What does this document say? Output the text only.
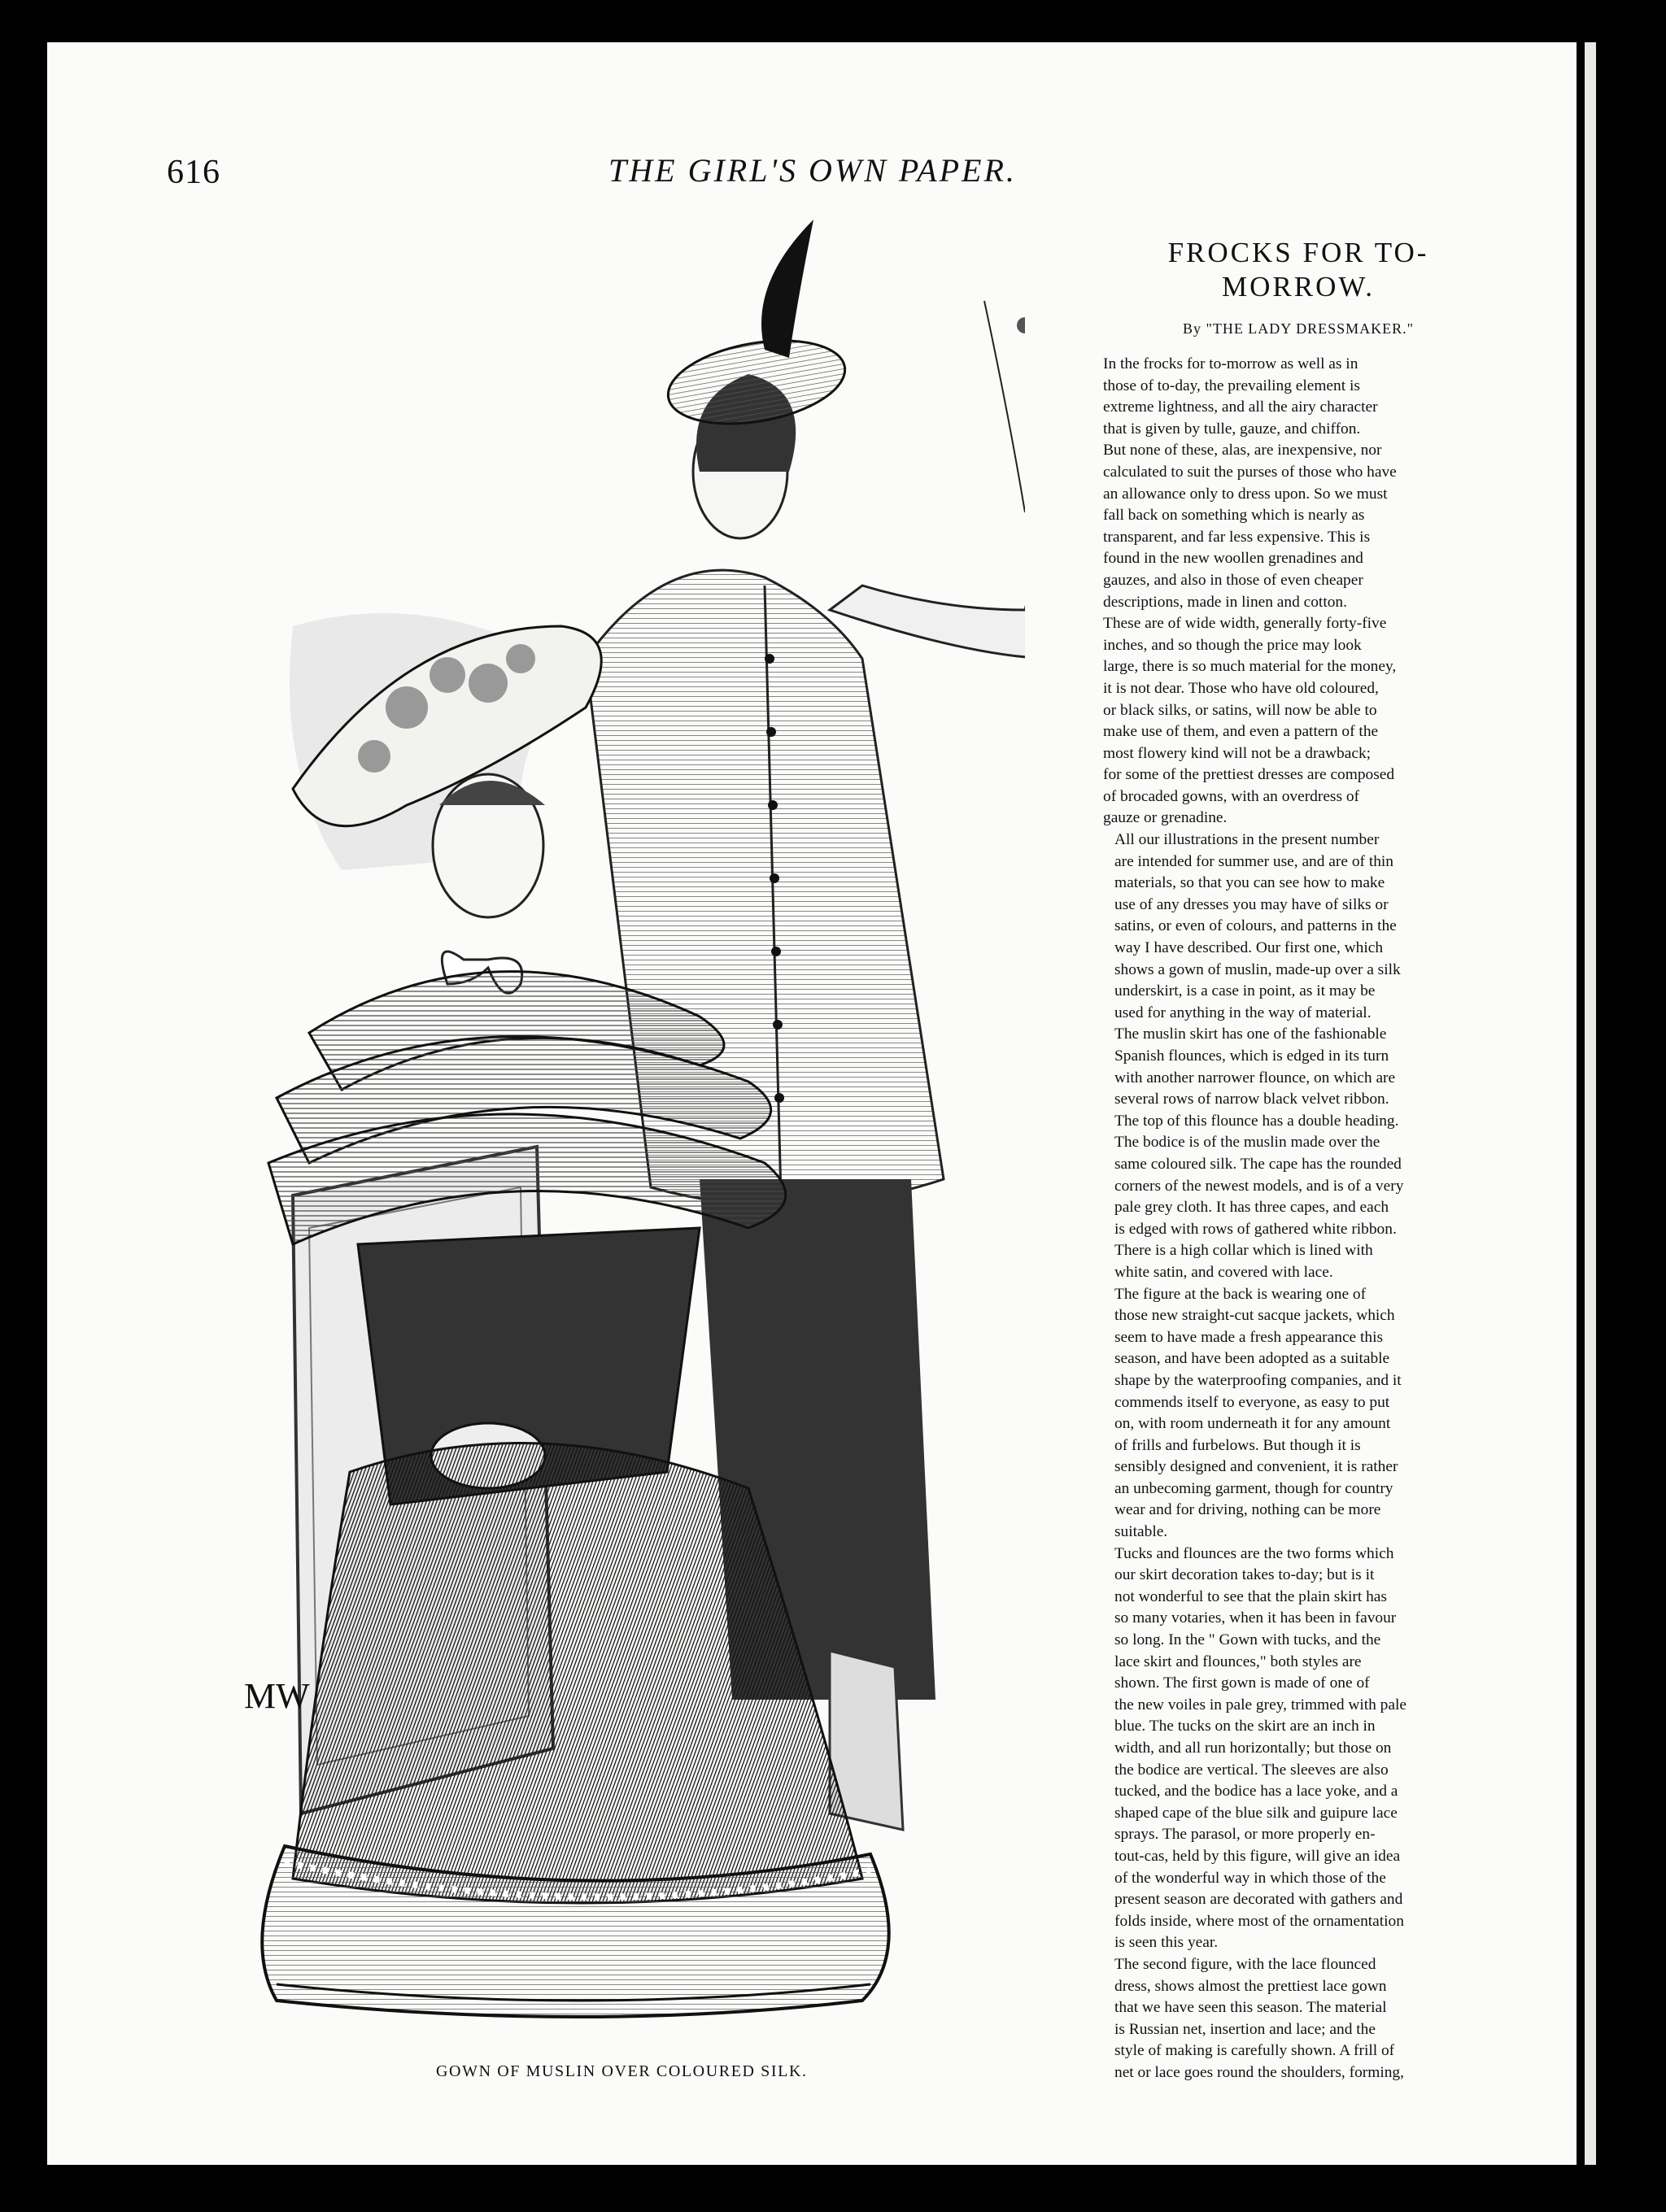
616	THE GIRL'S OWN PAPER.
MW
GOWN OF MUSLIN OVER COLOURED SILK.
FROCKS FOR TO- MORROW.
By "THE LADY DRESSMAKER."

In the frocks for to-morrow as well as in
those of to-day, the prevailing element is
extreme lightness, and all the airy character
that is given by tulle, gauze, and chiffon.
But none of these, alas, are inexpensive, nor
calculated to suit the purses of those who have
an allowance only to dress upon. So we must
fall back on something which is nearly as
transparent, and far less expensive. This is
found in the new woollen grenadines and
gauzes, and also in those of even cheaper
descriptions, made in linen and cotton.
These are of wide width, generally forty-five
inches, and so though the price may look
large, there is so much material for the money,
it is not dear. Those who have old coloured,
or black silks, or satins, will now be able to
make use of them, and even a pattern of the
most flowery kind will not be a drawback;
for some of the prettiest dresses are composed
of brocaded gowns, with an overdress of
gauze or grenadine.

All our illustrations in the present number
are intended for summer use, and are of thin
materials, so that you can see how to make
use of any dresses you may have of silks or
satins, or even of colours, and patterns in the
way I have described. Our first one, which
shows a gown of muslin, made-up over a silk
underskirt, is a case in point, as it may be
used for anything in the way of material.
The muslin skirt has one of the fashionable
Spanish flounces, which is edged in its turn
with another narrower flounce, on which are
several rows of narrow black velvet ribbon.
The top of this flounce has a double heading.
The bodice is of the muslin made over the
same coloured silk. The cape has the rounded
corners of the newest models, and is of a very
pale grey cloth. It has three capes, and each
is edged with rows of gathered white ribbon.
There is a high collar which is lined with
white satin, and covered with lace.

The figure at the back is wearing one of
those new straight-cut sacque jackets, which
seem to have made a fresh appearance this
season, and have been adopted as a suitable
shape by the waterproofing companies, and it
commends itself to everyone, as easy to put
on, with room underneath it for any amount
of frills and furbelows. But though it is
sensibly designed and convenient, it is rather
an unbecoming garment, though for country
wear and for driving, nothing can be more
suitable.

Tucks and flounces are the two forms which
our skirt decoration takes to-day; but is it
not wonderful to see that the plain skirt has
so many votaries, when it has been in favour
so long. In the " Gown with tucks, and the
lace skirt and flounces," both styles are
shown. The first gown is made of one of
the new voiles in pale grey, trimmed with pale
blue. The tucks on the skirt are an inch in
width, and all run horizontally; but those on
the bodice are vertical. The sleeves are also
tucked, and the bodice has a lace yoke, and a
shaped cape of the blue silk and guipure lace
sprays. The parasol, or more properly en-
tout-cas, held by this figure, will give an idea
of the wonderful way in which those of the
present season are decorated with gathers and
folds inside, where most of the ornamentation
is seen this year.

The second figure, with the lace flounced
dress, shows almost the prettiest lace gown
that we have seen this season. The material
is Russian net, insertion and lace; and the
style of making is carefully shown. A frill of
net or lace goes round the shoulders, forming,
